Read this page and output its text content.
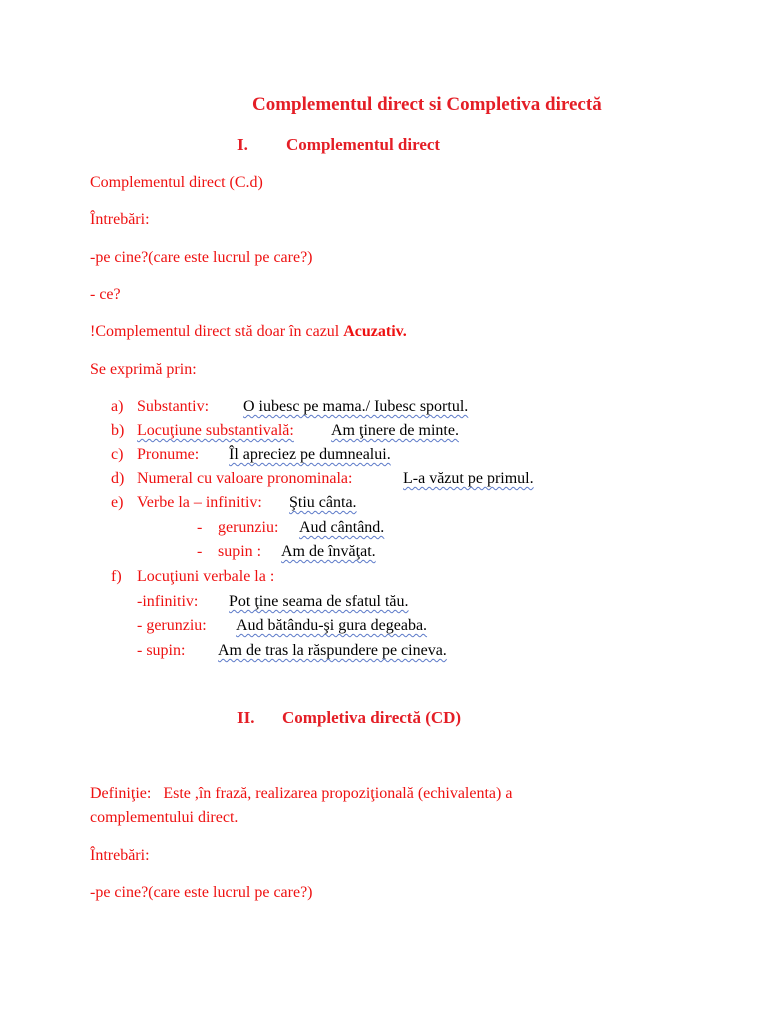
Complementul direct si Completiva directă
I. Complementul direct
Complementul direct (C.d)
Întrebări:
-pe cine?(care este lucrul pe care?)
- ce?
!Complementul direct stă doar în cazul Acuzativ.
Se exprimă prin:
a) Substantiv: O iubesc pe mama./ Iubesc sportul.
b) Locuţiune substantivală: Am ţinere de minte.
c) Pronume: Îl apreciez pe dumnealui.
d) Numeral cu valoare pronominala:	L-a văzut pe primul.
e) Verbe la – infinitiv: Ştiu cânta.
- gerunziu: Aud cântând.
- supin : Am de învăţat.
f) Locuţiuni verbale la :
-infinitiv: Pot ţine seama de sfatul tău.
- gerunziu: Aud bătându-şi gura degeaba.
- supin: Am de tras la răspundere pe cineva.
II. Completiva directă (CD)
Definiţie: Este ,în frază, realizarea propoziţională (echivalenta) a
complementului direct.
Întrebări:
-pe cine?(care este lucrul pe care?)
